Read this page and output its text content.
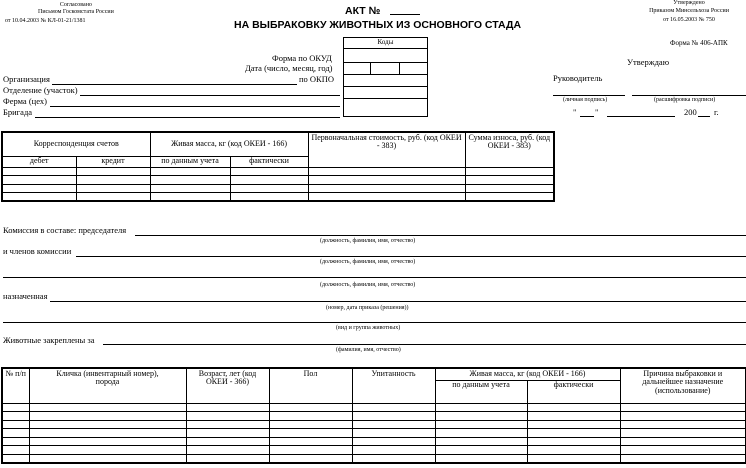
Согласовано
Письмом Госкомстата России
от 10.04.2003 № КЛ-01-21/1381
Утверждено
Приказом Минсельхоза России
от 16.05.2003 № 750
АКТ №
НА ВЫБРАКОВКУ ЖИВОТНЫХ ИЗ ОСНОВНОГО СТАДА
Коды
Форма по ОКУД
Дата (число, месяц, год)
по ОКПО
Форма № 406-АПК
Организация
Отделение (участок)
Ферма (цех)
Бригада
Утверждаю
Руководитель
(личная подпись)	(расшифровка подписи)
" "	200 г.
Корреспонденция счетов		Живая масса, кг (код ОКЕИ - 166)		Первоначальная стоимость, руб. (код ОКЕИ - 383)	Сумма износа, руб. (код ОКЕИ - 383)
дебет	кредит	по данным учета	фактически		

Комиссия в составе: председателя
(должность, фамилия, имя, отчество)
и членов комиссии
(должность, фамилия, имя, отчество)
(должность, фамилия, имя, отчество)
назначенная
(номер, дата приказа (решения))
(вид и группа животных)
Животные закреплены за
(фамилия, имя, отчество)
№ п/п	Кличка (инвентарный номер), порода	Возраст, лет (код ОКЕИ - 366)	Пол	Упитанность	Живая масса, кг (код ОКЕИ - 166)		Причина выбраковки и дальнейшее назначение (использование)
					по данным учета	фактически	
